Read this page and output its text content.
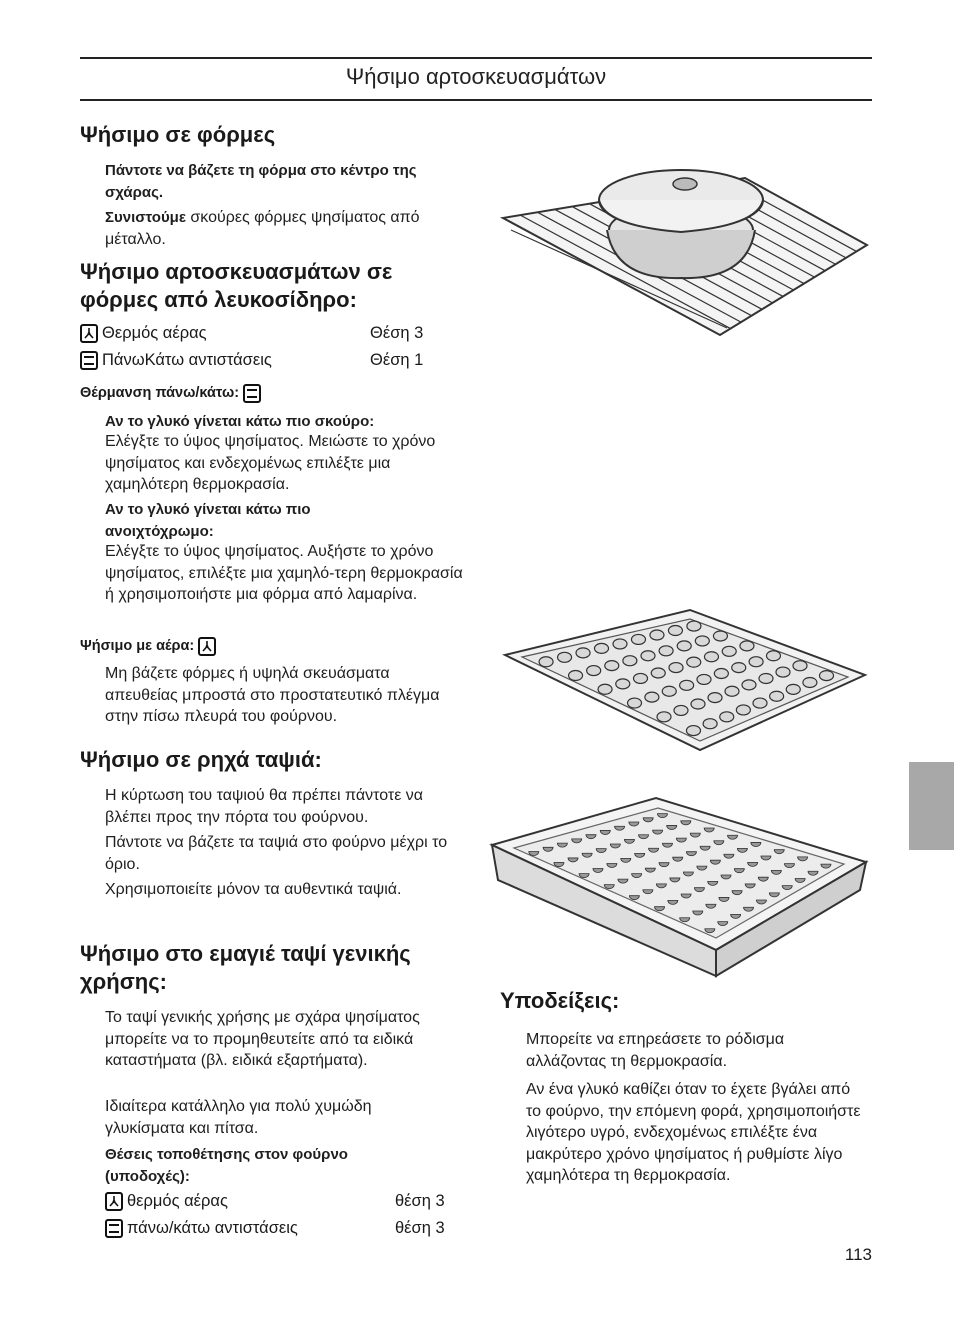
Ψήσιμο αρτοσκευασμάτων
Ψήσιμο σε φόρμες

Πάντοτε να βάζετε τη φόρμα στο κέντρο της σχάρας.

Συνιστούμε σκούρες φόρμες ψησίματος από μέταλλο.

Ψήσιμο αρτοσκευασμάτων σε
φόρμες από λευκοσίδηρο:
Θερμός αέρας	Θέση 3
ΠάνωΚάτω αντιστάσεις	Θέση 1
Θέρμανση πάνω/κάτω:

Αν το γλυκό γίνεται κάτω πιο σκούρο:

Ελέγξτε το ύψος ψησίματος. Μειώστε το χρόνο ψησίματος και ενδεχομένως επιλέξτε μια χαμηλότερη θερμοκρασία.

Αν το γλυκό γίνεται κάτω πιο ανοιχτόχρωμο:

Ελέγξτε το ύψος ψησίματος. Αυξήστε το χρόνο ψησίματος, επιλέξτε μια χαμηλό-τερη θερμοκρασία ή χρησιμοποιήστε μια φόρμα από λαμαρίνα.

Ψήσιμο με αέρα:

Μη βάζετε φόρμες ή υψηλά σκευάσματα απευθείας μπροστά στο προστατευτικό πλέγμα στην πίσω πλευρά του φούρνου.

Ψήσιμο σε ρηχά ταψιά:

Η κύρτωση του ταψιού θα πρέπει πάντοτε να βλέπει προς την πόρτα του φούρνου.

Πάντοτε να βάζετε τα ταψιά στο φούρνο μέχρι το όριο.

Χρησιμοποιείτε μόνον τα αυθεντικά ταψιά.

Ψήσιμο στο εμαγιέ ταψί γενικής
χρήσης:

Το ταψί γενικής χρήσης με σχάρα ψησίματος μπορείτε να το προμηθευτείτε από τα ειδικά καταστήματα (βλ. ειδικά εξαρτήματα).

Ιδιαίτερα κατάλληλο για πολύ χυμώδη γλυκίσματα και πίτσα.

Θέσεις τοποθέτησης στον φούρνο (υποδοχές):

θερμός αέρας	θέση 3
πάνω/κάτω αντιστάσεις	θέση 3
Υποδείξεις:

Μπορείτε να επηρεάσετε το ρόδισμα αλλάζοντας τη θερμοκρασία.

Αν ένα γλυκό καθίζει όταν το έχετε βγάλει από το φούρνο, την επόμενη φορά, χρησιμοποιήστε λιγότερο υγρό, ενδεχομένως επιλέξτε ένα μακρύτερο χρόνο ψησίματος ή ρυθμίστε λίγο χαμηλότερα τη θερμοκρασία.

113
